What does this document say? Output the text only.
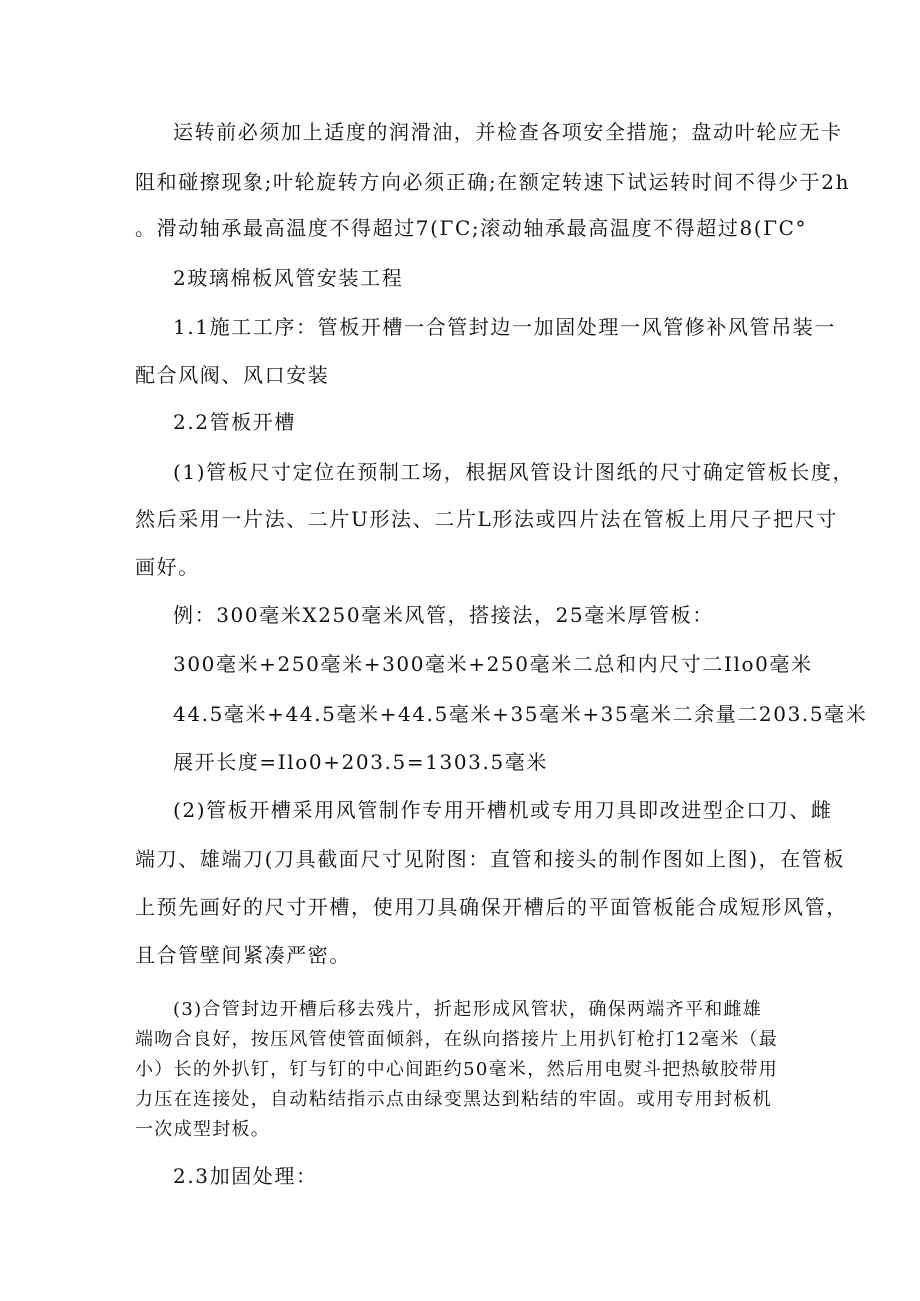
运转前必须加上适度的润滑油，并检查各项安全措施；盘动叶轮应无卡
阻和碰擦现象;叶轮旋转方向必须正确;在额定转速下试运转时间不得少于2h
。滑动轴承最高温度不得超过7(ΓC;滚动轴承最高温度不得超过8(ΓC°
2玻璃棉板风管安装工程
1.1施工工序：管板开槽一合管封边一加固处理一风管修补风管吊装一
配合风阀、风口安装
2.2管板开槽
(1)管板尺寸定位在预制工场，根据风管设计图纸的尺寸确定管板长度，
然后采用一片法、二片U形法、二片L形法或四片法在管板上用尺子把尺寸
画好。
例：300毫米X250毫米风管，搭接法，25毫米厚管板：
300毫米+250毫米+300毫米+250毫米二总和内尺寸二Ilo0毫米
44.5毫米+44.5毫米+44.5毫米+35毫米+35毫米二余量二203.5毫米
展开长度=Ilo0+203.5=1303.5毫米
(2)管板开槽采用风管制作专用开槽机或专用刀具即改进型企口刀、雌
端刀、雄端刀(刀具截面尺寸见附图：直管和接头的制作图如上图)，在管板
上预先画好的尺寸开槽，使用刀具确保开槽后的平面管板能合成短形风管，
且合管壁间紧凑严密。
(3)合管封边开槽后移去残片，折起形成风管状，确保两端齐平和雌雄
端吻合良好，按压风管使管面倾斜，在纵向搭接片上用扒钉枪打12毫米（最
小）长的外扒钉，钉与钉的中心间距约50毫米，然后用电熨斗把热敏胶带用
力压在连接处，自动粘结指示点由绿变黑达到粘结的牢固。或用专用封板机
一次成型封板。
2.3加固处理：
